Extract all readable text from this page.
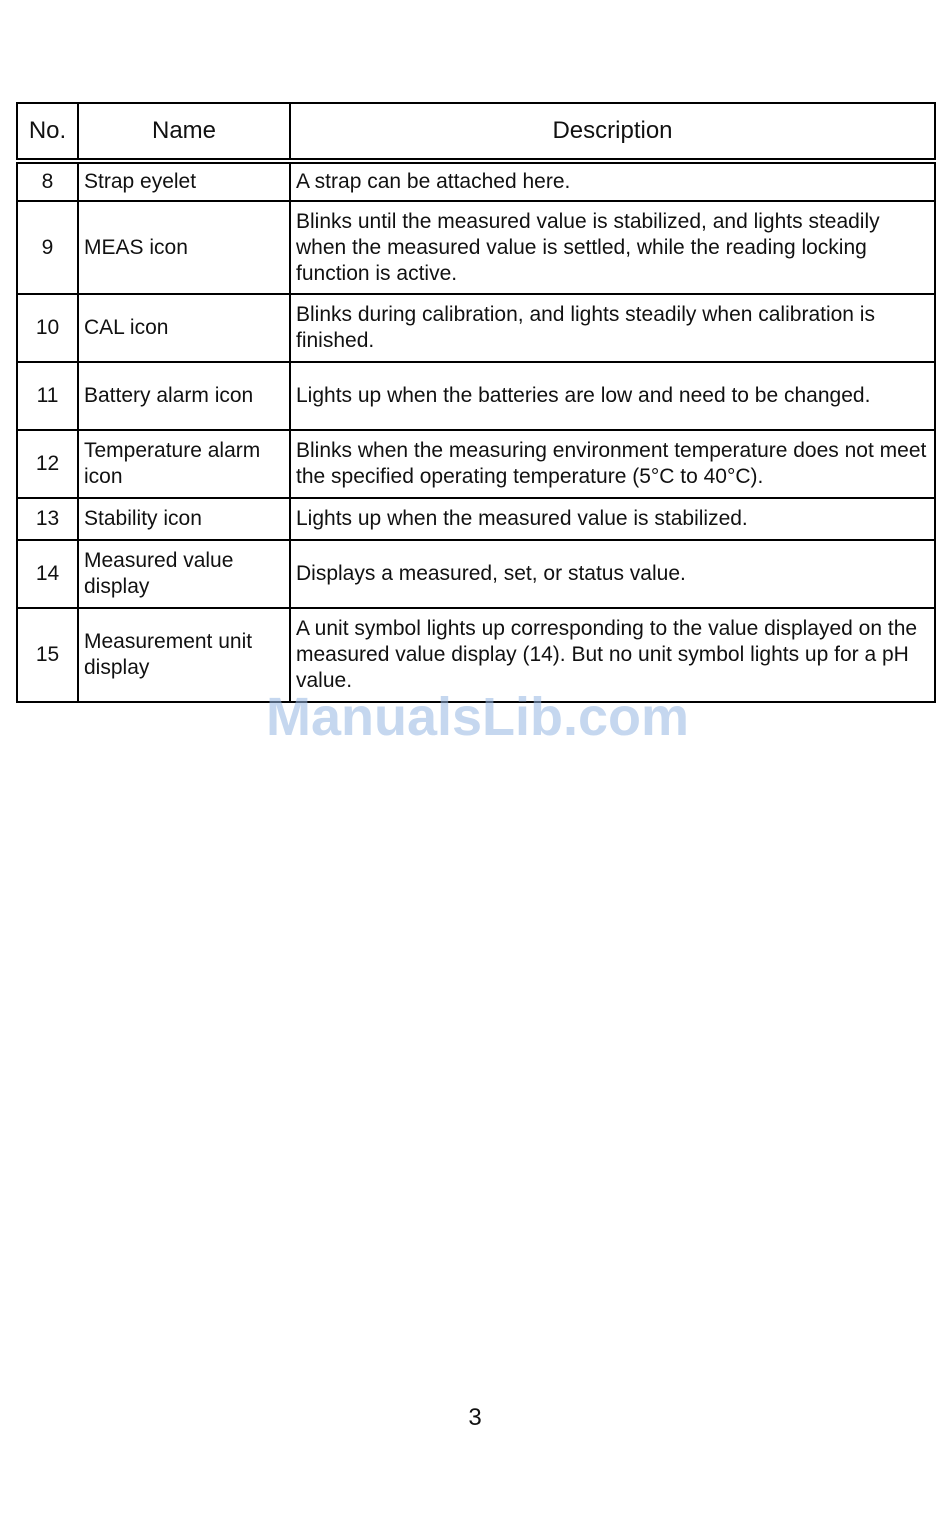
No.	Name	Description
8	Strap eyelet	A strap can be attached here.
9	MEAS icon	Blinks until the measured value is stabilized, and lights steadily when the measured value is settled, while the reading locking function is active.
10	CAL icon	Blinks during calibration, and lights steadily when calibration is finished.
11	Battery alarm icon	Lights up when the batteries are low and need to be changed.
12	Temperature alarm icon	Blinks when the measuring environment temperature does not meet the specified operating temperature (5°C to 40°C).
13	Stability icon	Lights up when the measured value is stabilized.
14	Measured value display	Displays a measured, set, or status value.
15	Measurement unit display	A unit symbol lights up corresponding to the value displayed on the measured value display (14). But no unit symbol lights up for a pH value.
ManualsLib.com
3
